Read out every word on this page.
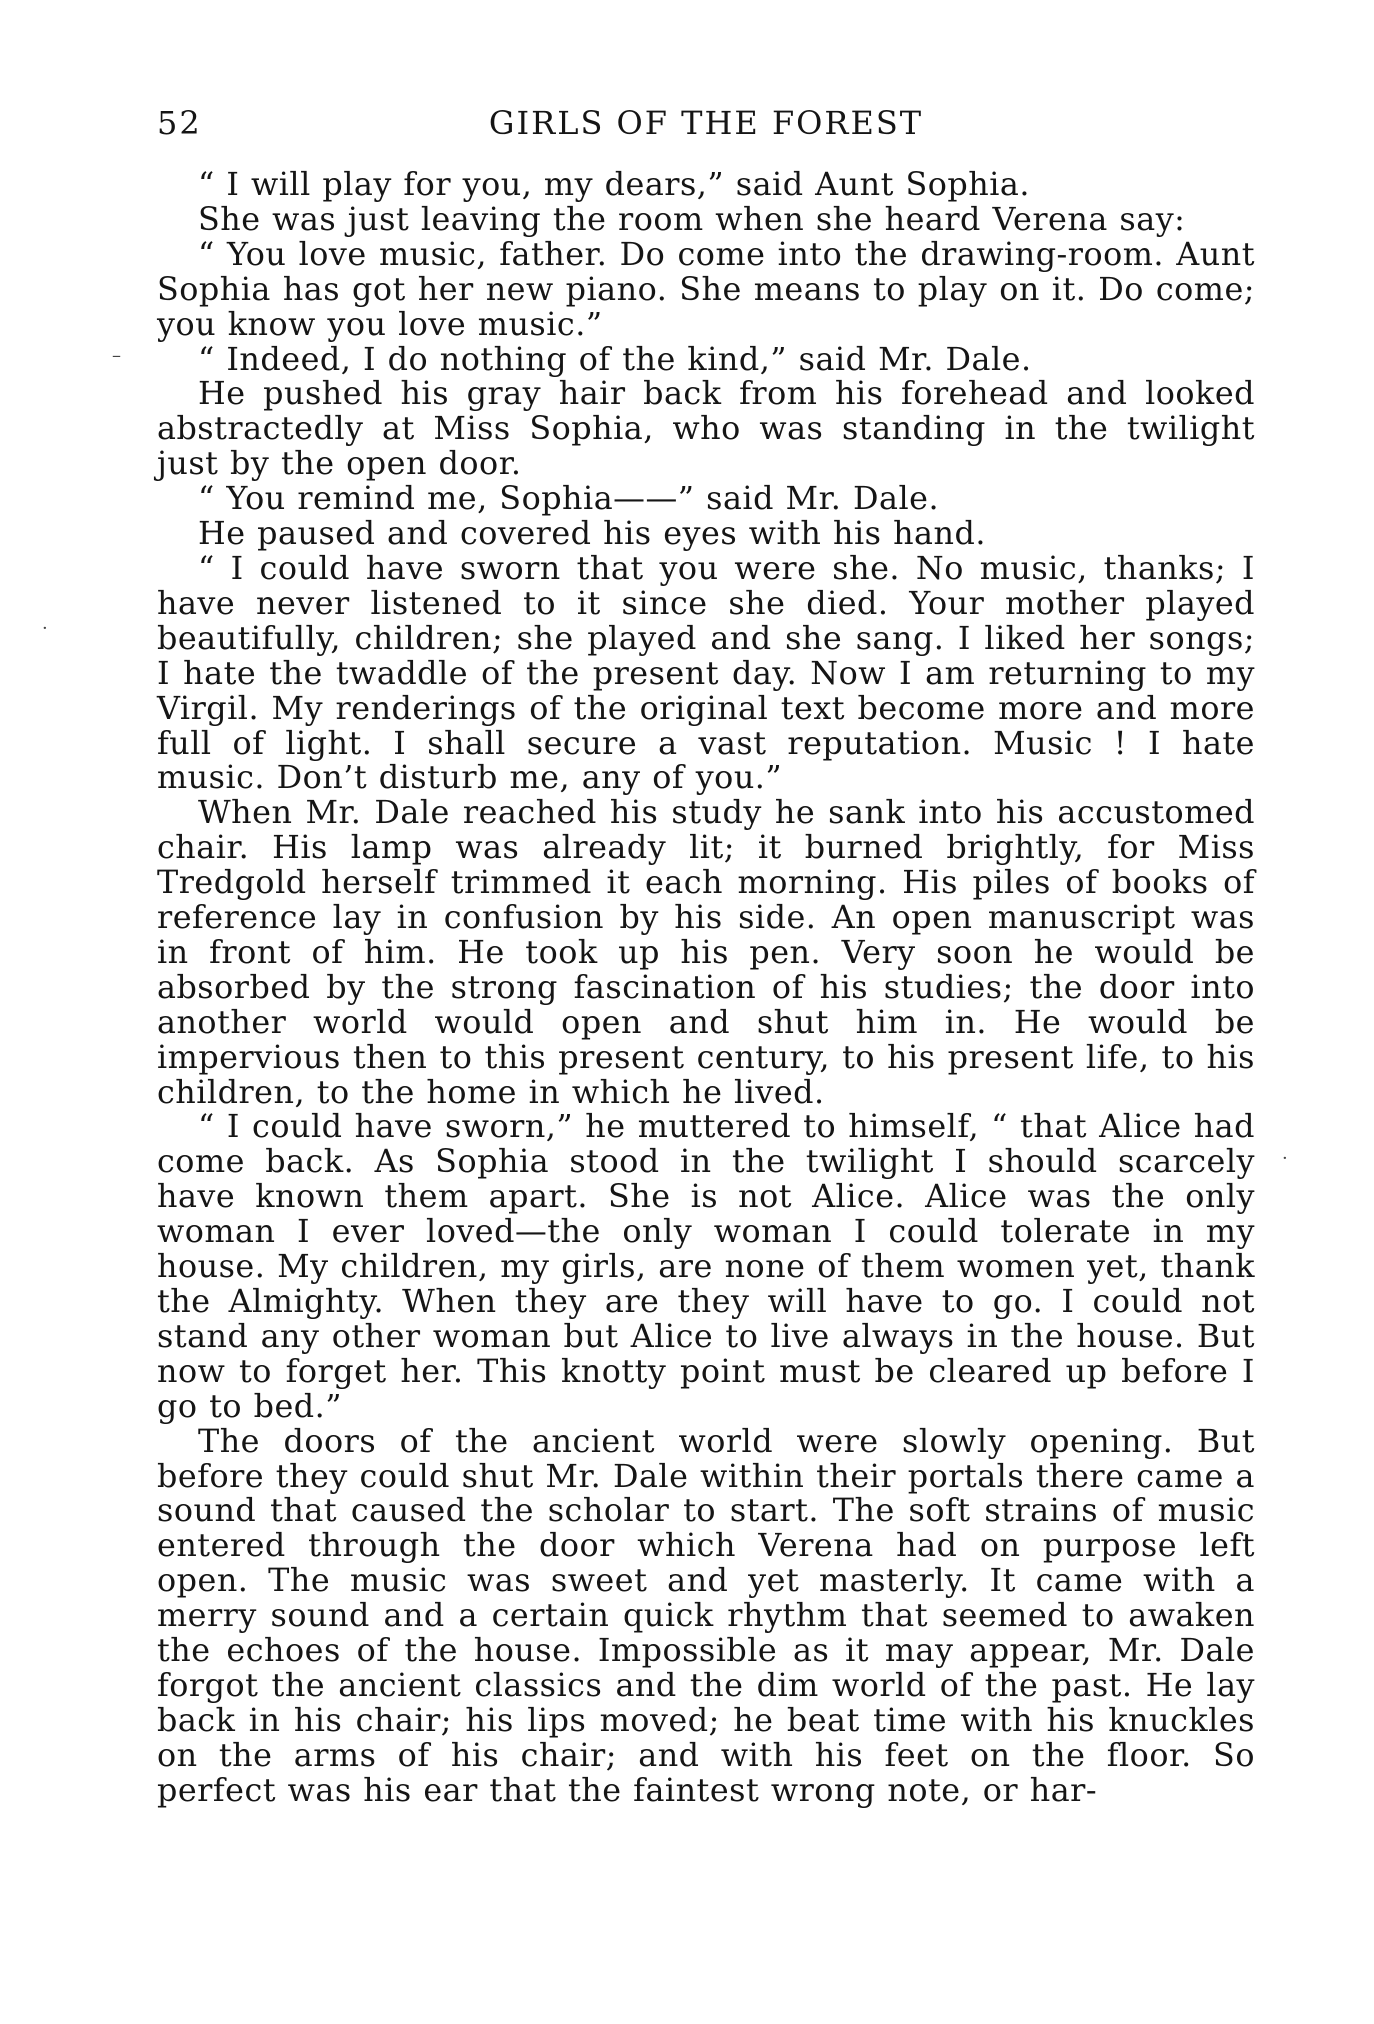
52	GIRLS OF THE FOREST

“ I will play for you, my dears,” said Aunt Sophia.

She was just leaving the room when she heard Verena say:

“ You love music, father. Do come into the drawing-room. Aunt Sophia has got her new piano. She means to play on it. Do come; you know you love music.”

“ Indeed, I do nothing of the kind,” said Mr. Dale.

He pushed his gray hair back from his forehead and looked abstractedly at Miss Sophia, who was standing in the twilight just by the open door.

“ You remind me, Sophia——” said Mr. Dale.

He paused and covered his eyes with his hand.

“ I could have sworn that you were she. No music, thanks; I have never listened to it since she died. Your mother played beautifully, children; she played and she sang. I liked her songs; I hate the twaddle of the present day. Now I am returning to my Virgil. My renderings of the original text become more and more full of light. I shall secure a vast reputation. Music ! I hate music. Don’t disturb me, any of you.”

When Mr. Dale reached his study he sank into his accustomed chair. His lamp was already lit; it burned brightly, for Miss Tredgold herself trimmed it each morning. His piles of books of reference lay in confusion by his side. An open manuscript was in front of him. He took up his pen. Very soon he would be absorbed by the strong fascination of his studies; the door into another world would open and shut him in. He would be impervious then to this present century, to his present life, to his children, to the home in which he lived.

“ I could have sworn,” he muttered to himself, “ that Alice had come back. As Sophia stood in the twilight I should scarcely have known them apart. She is not Alice. Alice was the only woman I ever loved—the only woman I could tolerate in my house. My children, my girls, are none of them women yet, thank the Almighty. When they are they will have to go. I could not stand any other woman but Alice to live always in the house. But now to forget her. This knotty point must be cleared up before I go to bed.”

The doors of the ancient world were slowly opening. But before they could shut Mr. Dale within their portals there came a sound that caused the scholar to start. The soft strains of music entered through the door which Verena had on purpose left open. The music was sweet and yet masterly. It came with a merry sound and a certain quick rhythm that seemed to awaken the echoes of the house. Impossible as it may appear, Mr. Dale forgot the ancient classics and the dim world of the past. He lay back in his chair; his lips moved; he beat time with his knuckles on the arms of his chair; and with his feet on the floor. So perfect was his ear that the faintest wrong note, or har-

–
·
·
